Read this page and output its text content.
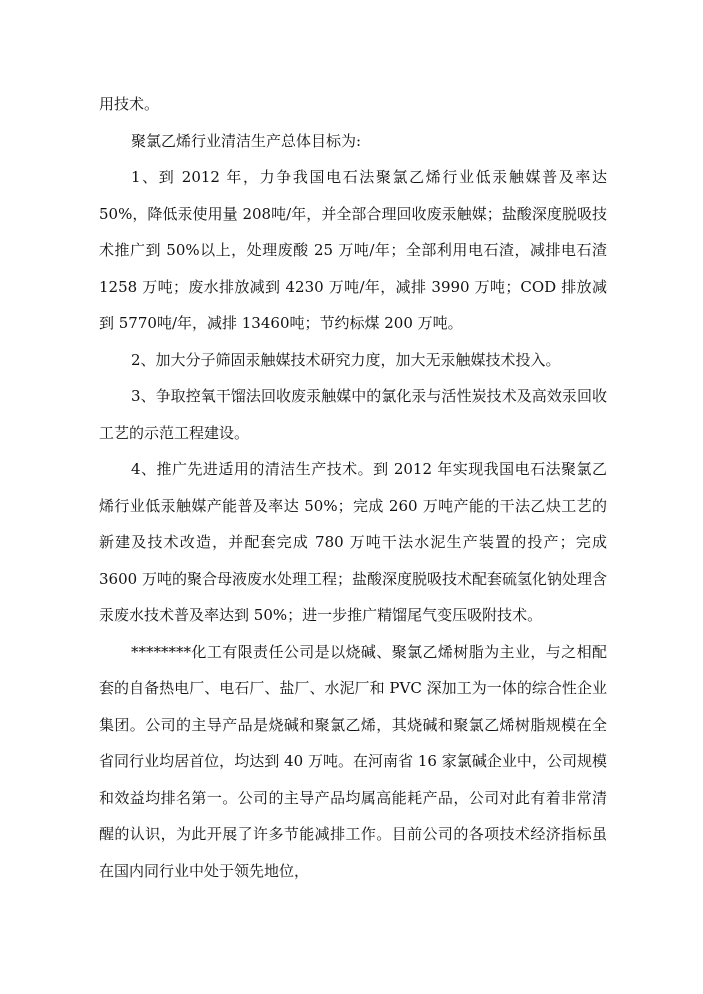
用技术。

聚氯乙烯行业清洁生产总体目标为:

1、到 2012 年，力争我国电石法聚氯乙烯行业低汞触媒普及率达 50%，降低汞使用量 208吨/年，并全部合理回收废汞触媒；盐酸深度脱吸技术推广到 50%以上，处理废酸 25 万吨/年；全部利用电石渣，减排电石渣 1258 万吨；废水排放减到 4230 万吨/年，减排 3990 万吨；COD 排放减到 5770吨/年，减排 13460吨；节约标煤 200 万吨。

2、加大分子筛固汞触媒技术研究力度，加大无汞触媒技术投入。

3、争取控氧干馏法回收废汞触媒中的氯化汞与活性炭技术及高效汞回收工艺的示范工程建设。

4、推广先进适用的清洁生产技术。到 2012 年实现我国电石法聚氯乙烯行业低汞触媒产能普及率达 50%；完成 260 万吨产能的干法乙炔工艺的新建及技术改造，并配套完成 780 万吨干法水泥生产装置的投产；完成 3600 万吨的聚合母液废水处理工程；盐酸深度脱吸技术配套硫氢化钠处理含汞废水技术普及率达到 50%；进一步推广精馏尾气变压吸附技术。

********化工有限责任公司是以烧碱、聚氯乙烯树脂为主业，与之相配套的自备热电厂、电石厂、盐厂、水泥厂和 PVC 深加工为一体的综合性企业集团。公司的主导产品是烧碱和聚氯乙烯，其烧碱和聚氯乙烯树脂规模在全省同行业均居首位，均达到 40 万吨。在河南省 16 家氯碱企业中，公司规模和效益均排名第一。公司的主导产品均属高能耗产品，公司对此有着非常清醒的认识，为此开展了许多节能减排工作。目前公司的各项技术经济指标虽在国内同行业中处于领先地位，
